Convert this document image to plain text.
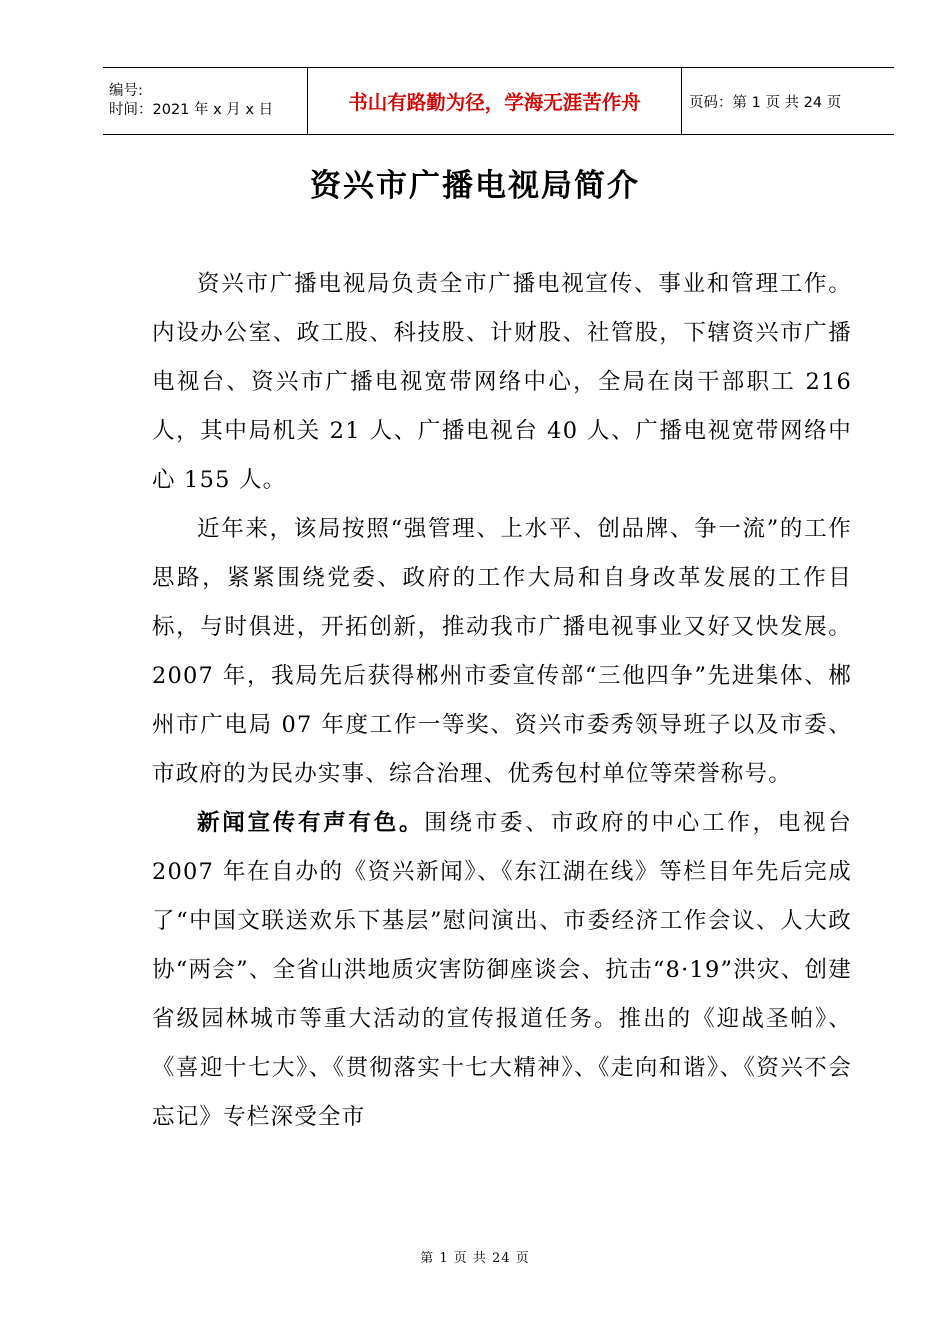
编号:
时间：2021 年 x 月 x 日	书山有路勤为径，学海无涯苦作舟	页码：第 1 页 共 24 页
资兴市广播电视局简介

资兴市广播电视局负责全市广播电视宣传、事业和管理工作。内设办公室、政工股、科技股、计财股、社管股，下辖资兴市广播电视台、资兴市广播电视宽带网络中心，全局在岗干部职工 216 人，其中局机关 21 人、广播电视台 40 人、广播电视宽带网络中心 155 人。

近年来，该局按照“强管理、上水平、创品牌、争一流”的工作思路，紧紧围绕党委、政府的工作大局和自身改革发展的工作目标，与时俱进，开拓创新，推动我市广播电视事业又好又快发展。2007 年，我局先后获得郴州市委宣传部“三他四争”先进集体、郴州市广电局 07 年度工作一等奖、资兴市委秀领导班子以及市委、市政府的为民办实事、综合治理、优秀包村单位等荣誉称号。

新闻宣传有声有色。围绕市委、市政府的中心工作，电视台 2007 年在自办的《资兴新闻》、《东江湖在线》等栏目年先后完成了“中国文联送欢乐下基层”慰问演出、市委经济工作会议、人大政协“两会”、全省山洪地质灾害防御座谈会、抗击“8·19”洪灾、创建省级园林城市等重大活动的宣传报道任务。推出的《迎战圣帕》、《喜迎十七大》、《贯彻落实十七大精神》、《走向和谐》、《资兴不会忘记》专栏深受全市

第 1 页 共 24 页
